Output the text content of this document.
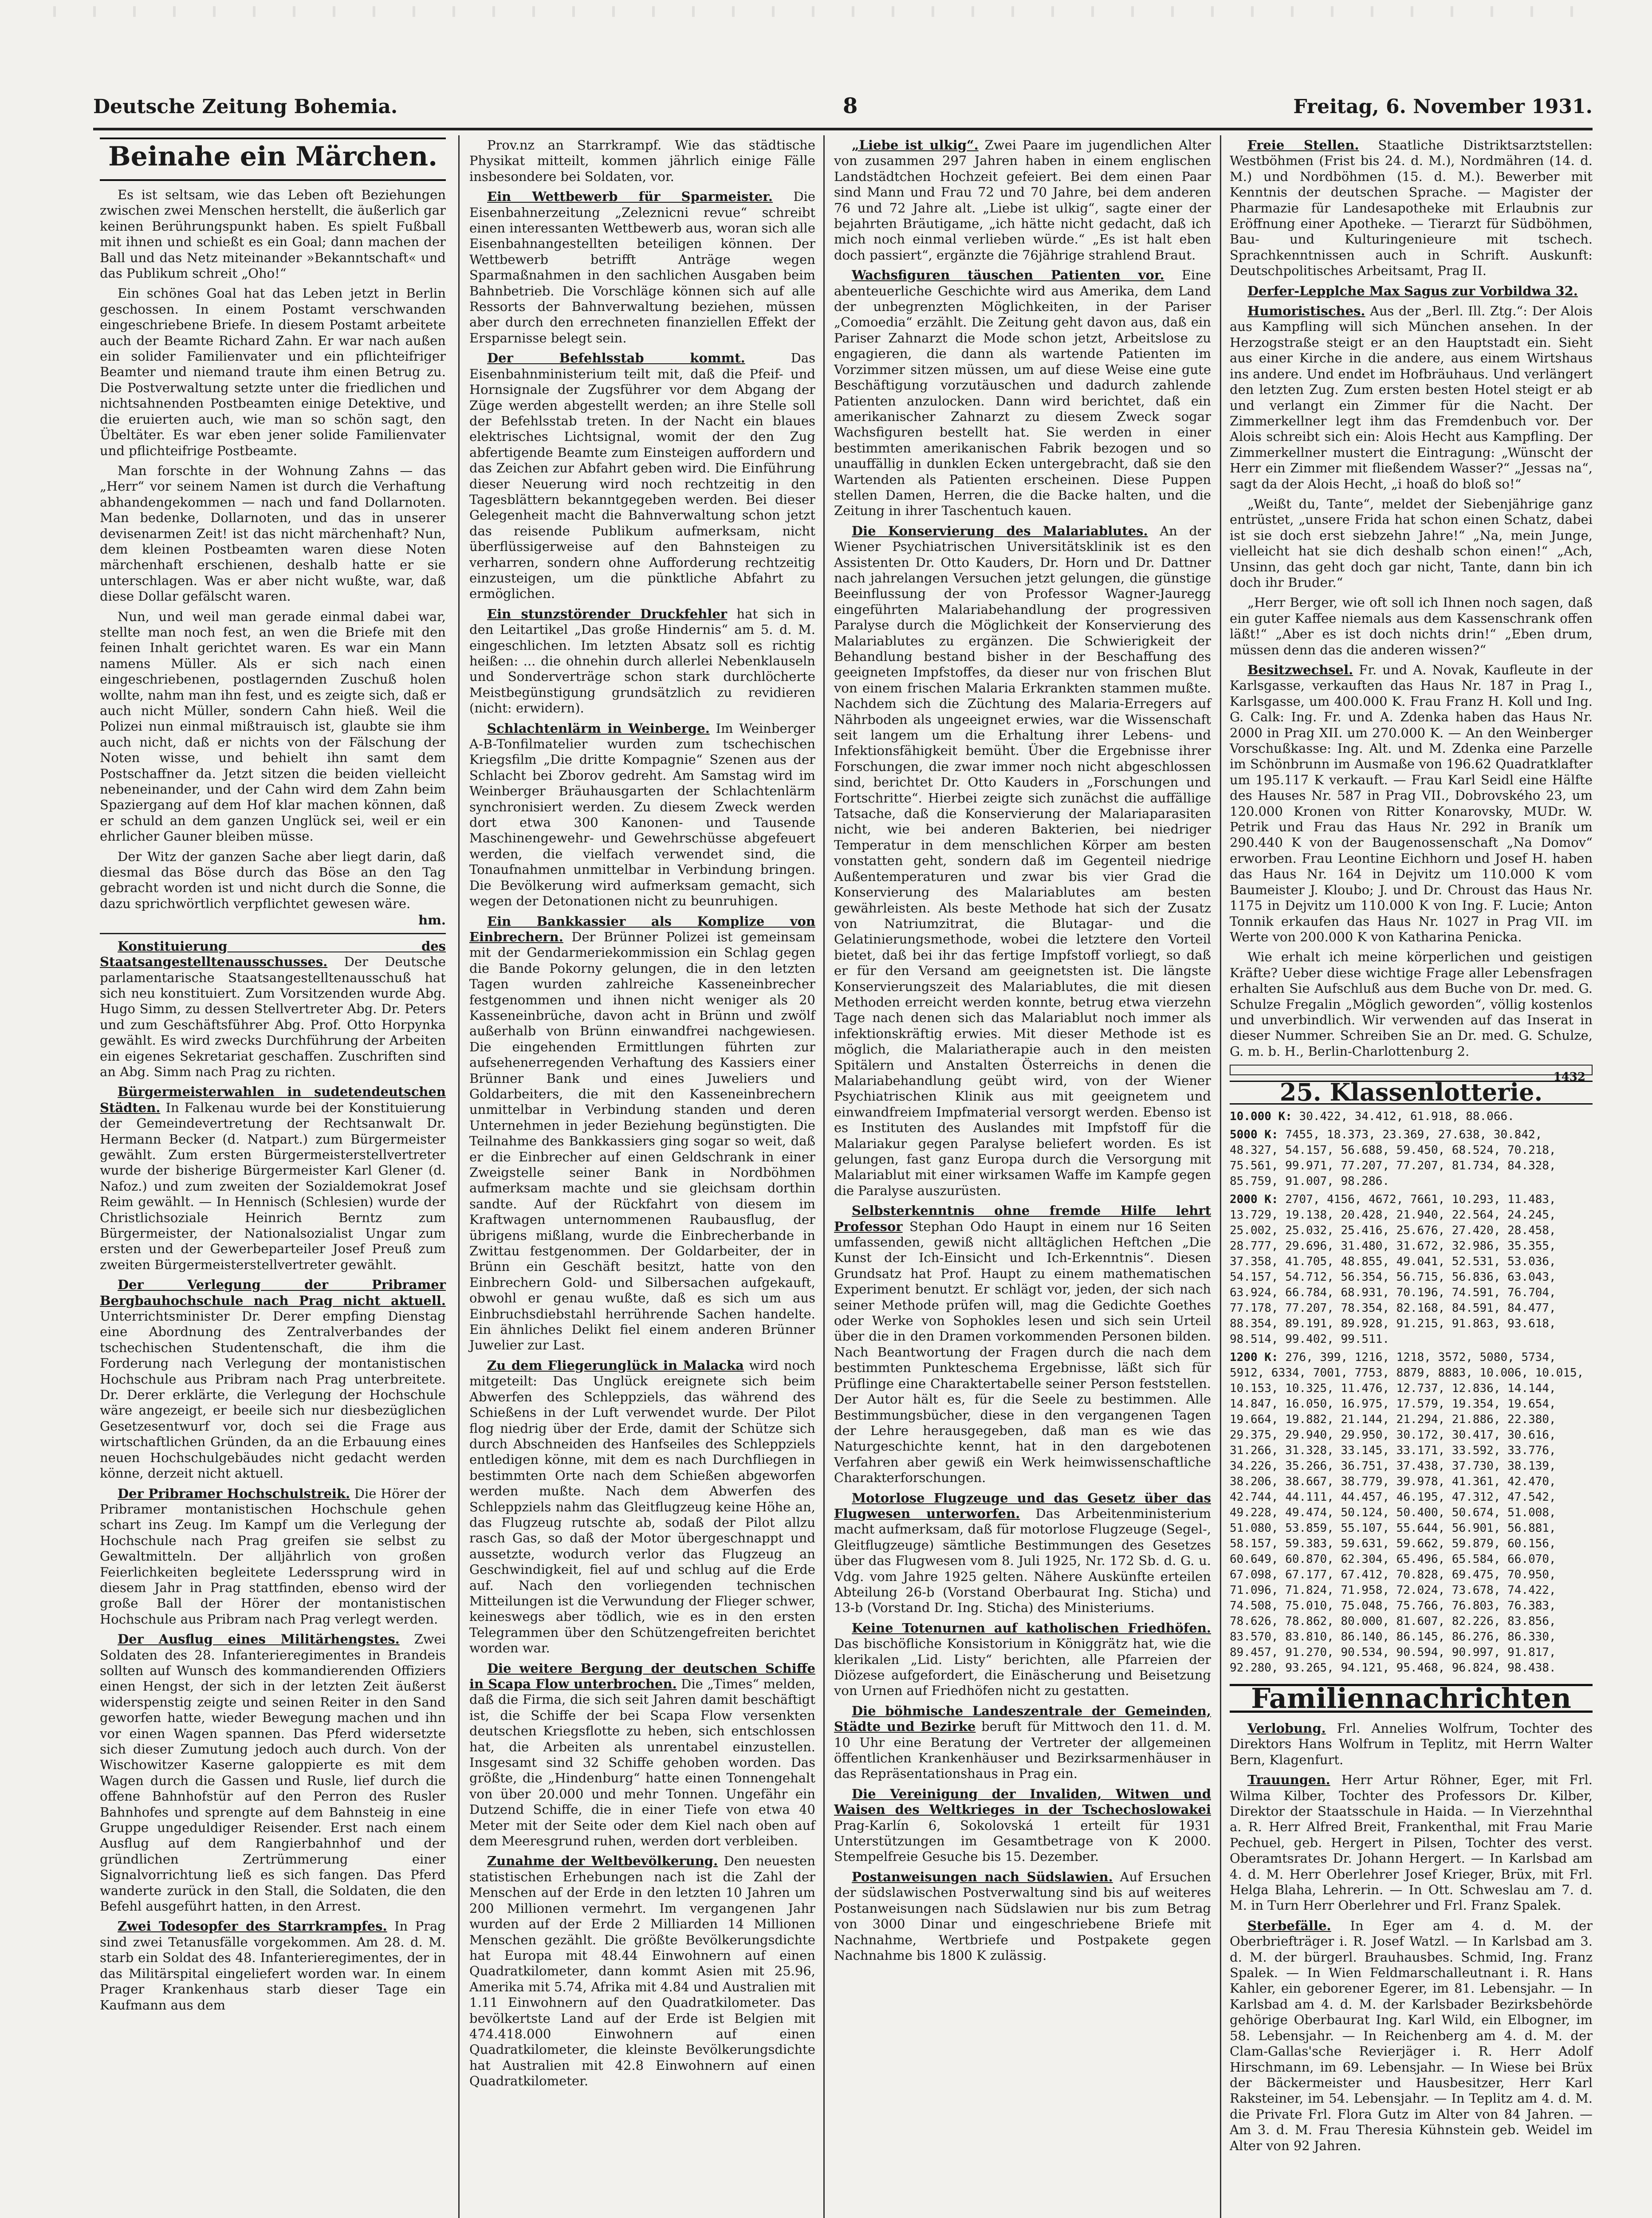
Deutsche Zeitung Bohemia.	8	Freitag, 6. November 1931.
Beinahe ein Märchen.

Es ist seltsam, wie das Leben oft Beziehungen zwischen zwei Menschen herstellt, die äußerlich gar keinen Berührungspunkt haben. Es spielt Fußball mit ihnen und schießt es ein Goal; dann machen der Ball und das Netz miteinander »Bekanntschaft« und das Publikum schreit „Oho!“

Ein schönes Goal hat das Leben jetzt in Berlin geschossen. In einem Postamt verschwanden eingeschriebene Briefe. In diesem Postamt arbeitete auch der Beamte Richard Zahn. Er war nach außen ein solider Familienvater und ein pflichteifriger Beamter und niemand traute ihm einen Betrug zu. Die Postverwaltung setzte unter die friedlichen und nichtsahnenden Postbeamten einige Detektive, und die eruierten auch, wie man so schön sagt, den Übeltäter. Es war eben jener solide Familienvater und pflichteifrige Postbeamte.

Man forschte in der Wohnung Zahns — das „Herr“ vor seinem Namen ist durch die Verhaftung abhandengekommen — nach und fand Dollarnoten. Man bedenke, Dollarnoten, und das in unserer devisenarmen Zeit! ist das nicht märchenhaft? Nun, dem kleinen Postbeamten waren diese Noten märchenhaft erschienen, deshalb hatte er sie unterschlagen. Was er aber nicht wußte, war, daß diese Dollar gefälscht waren.

Nun, und weil man gerade einmal dabei war, stellte man noch fest, an wen die Briefe mit den feinen Inhalt gerichtet waren. Es war ein Mann namens Müller. Als er sich nach einen eingeschriebenen, postlagernden Zuschuß holen wollte, nahm man ihn fest, und es zeigte sich, daß er auch nicht Müller, sondern Cahn hieß. Weil die Polizei nun einmal mißtrauisch ist, glaubte sie ihm auch nicht, daß er nichts von der Fälschung der Noten wisse, und behielt ihn samt dem Postschaffner da. Jetzt sitzen die beiden vielleicht nebeneinander, und der Cahn wird dem Zahn beim Spaziergang auf dem Hof klar machen können, daß er schuld an dem ganzen Unglück sei, weil er ein ehrlicher Gauner bleiben müsse.

Der Witz der ganzen Sache aber liegt darin, daß diesmal das Böse durch das Böse an den Tag gebracht worden ist und nicht durch die Sonne, die dazu sprichwörtlich verpflichtet gewesen wäre.

hm.

Konstituierung des Staatsangestelltenausschusses. Der Deutsche parlamentarische Staatsangestelltenausschuß hat sich neu konstituiert. Zum Vorsitzenden wurde Abg. Hugo Simm, zu dessen Stellvertreter Abg. Dr. Peters und zum Geschäftsführer Abg. Prof. Otto Horpynka gewählt. Es wird zwecks Durchführung der Arbeiten ein eigenes Sekretariat geschaffen. Zuschriften sind an Abg. Simm nach Prag zu richten.

Bürgermeisterwahlen in sudetendeutschen Städten. In Falkenau wurde bei der Konstituierung der Gemeindevertretung der Rechtsanwalt Dr. Hermann Becker (d. Natpart.) zum Bürgermeister gewählt. Zum ersten Bürgermeisterstellvertreter wurde der bisherige Bürgermeister Karl Glener (d. Nafoz.) und zum zweiten der Sozialdemokrat Josef Reim gewählt. — In Hennisch (Schlesien) wurde der Christlichsoziale Heinrich Berntz zum Bürgermeister, der Nationalsozialist Ungar zum ersten und der Gewerbeparteiler Josef Preuß zum zweiten Bürgermeisterstellvertreter gewählt.

Der Verlegung der Pribramer Bergbauhochschule nach Prag nicht aktuell. Unterrichtsminister Dr. Derer empfing Dienstag eine Abordnung des Zentralverbandes der tschechischen Studentenschaft, die ihm die Forderung nach Verlegung der montanistischen Hochschule aus Pribram nach Prag unterbreitete. Dr. Derer erklärte, die Verlegung der Hochschule wäre angezeigt, er beeile sich nur diesbezüglichen Gesetzesentwurf vor, doch sei die Frage aus wirtschaftlichen Gründen, da an die Erbauung eines neuen Hochschulgebäudes nicht gedacht werden könne, derzeit nicht aktuell.

Der Pribramer Hochschulstreik. Die Hörer der Pribramer montanistischen Hochschule gehen schart ins Zeug. Im Kampf um die Verlegung der Hochschule nach Prag greifen sie selbst zu Gewaltmitteln. Der alljährlich von großen Feierlichkeiten begleitete Lederssprung wird in diesem Jahr in Prag stattfinden, ebenso wird der große Ball der Hörer der montanistischen Hochschule aus Pribram nach Prag verlegt werden.

Der Ausflug eines Militärhengstes. Zwei Soldaten des 28. Infanterieregimentes in Brandeis sollten auf Wunsch des kommandierenden Offiziers einen Hengst, der sich in der letzten Zeit äußerst widerspenstig zeigte und seinen Reiter in den Sand geworfen hatte, wieder Bewegung machen und ihn vor einen Wagen spannen. Das Pferd widersetzte sich dieser Zumutung jedoch auch durch. Von der Wischowitzer Kaserne galoppierte es mit dem Wagen durch die Gassen und Rusle, lief durch die offene Bahnhofstür auf den Perron des Rusler Bahnhofes und sprengte auf dem Bahnsteig in eine Gruppe ungeduldiger Reisender. Erst nach einem Ausflug auf dem Rangierbahnhof und der gründlichen Zertrümmerung einer Signalvorrichtung ließ es sich fangen. Das Pferd wanderte zurück in den Stall, die Soldaten, die den Befehl ausgeführt hatten, in den Arrest.

Zwei Todesopfer des Starrkrampfes. In Prag sind zwei Tetanusfälle vorgekommen. Am 28. d. M. starb ein Soldat des 48. Infanterieregimentes, der in das Militärspital eingeliefert worden war. In einem Prager Krankenhaus starb dieser Tage ein Kaufmann aus dem

Prov.nz an Starrkrampf. Wie das städtische Physikat mitteilt, kommen jährlich einige Fälle insbesondere bei Soldaten, vor.

Ein Wettbewerb für Sparmeister. Die Eisenbahnerzeitung „Zeleznicni revue“ schreibt einen interessanten Wettbewerb aus, woran sich alle Eisenbahnangestellten beteiligen können. Der Wettbewerb betrifft Anträge wegen Sparmaßnahmen in den sachlichen Ausgaben beim Bahnbetrieb. Die Vorschläge können sich auf alle Ressorts der Bahnverwaltung beziehen, müssen aber durch den errechneten finanziellen Effekt der Ersparnisse belegt sein.

Der Befehlsstab kommt.	Das Eisenbahnministerium teilt mit, daß die Pfeif- und Hornsignale der Zugsführer vor dem Abgang der Züge werden abgestellt werden; an ihre Stelle soll der Befehlsstab treten. In der Nacht ein blaues elektrisches Lichtsignal, womit der den Zug abfertigende Beamte zum Einsteigen auffordern und das Zeichen zur Abfahrt geben wird. Die Einführung dieser Neuerung wird noch rechtzeitig in den Tagesblättern bekanntgegeben werden. Bei dieser Gelegenheit macht die Bahnverwaltung schon jetzt das reisende Publikum aufmerksam, nicht überflüssigerweise auf den Bahnsteigen zu verharren, sondern ohne Aufforderung rechtzeitig einzusteigen, um die pünktliche Abfahrt zu ermöglichen.

Ein stunzstörender Druckfehler hat sich in den Leitartikel „Das große Hindernis“ am 5. d. M. eingeschlichen. Im letzten Absatz soll es richtig heißen: ... die ohnehin durch allerlei Nebenklauseln und Sonderverträge schon stark durchlöcherte Meistbegünstigung grundsätzlich zu revidieren (nicht: erwidern).

Schlachtenlärm in Weinberge. Im Weinberger A-B-Tonfilmatelier wurden zum tschechischen Kriegsfilm „Die dritte Kompagnie“ Szenen aus der Schlacht bei Zborov gedreht. Am Samstag wird im Weinberger Bräuhausgarten der Schlachtenlärm synchronisiert werden. Zu diesem Zweck werden dort etwa 300 Kanonen- und Tausende Maschinengewehr- und Gewehrschüsse abgefeuert werden, die vielfach verwendet sind, die Tonaufnahmen unmittelbar in Verbindung bringen. Die Bevölkerung wird aufmerksam gemacht, sich wegen der Detonationen nicht zu beunruhigen.

Ein Bankkassier als Komplize von Einbrechern. Der Brünner Polizei ist gemeinsam mit der Gendarmeriekommission ein Schlag gegen die Bande Pokorny gelungen, die in den letzten Tagen wurden zahlreiche Kasseneinbrecher festgenommen und ihnen nicht weniger als 20 Kasseneinbrüche, davon acht in Brünn und zwölf außerhalb von Brünn einwandfrei nachgewiesen. Die eingehenden Ermittlungen führten zur aufsehenerregenden Verhaftung des Kassiers einer Brünner Bank und eines Juweliers und Goldarbeiters, die mit den Kasseneinbrechern unmittelbar in Verbindung standen und deren Unternehmen in jeder Beziehung begünstigten. Die Teilnahme des Bankkassiers ging sogar so weit, daß er die Einbrecher auf einen Geldschrank in einer Zweigstelle seiner Bank in Nordböhmen aufmerksam machte und sie gleichsam dorthin sandte. Auf der Rückfahrt von diesem im Kraftwagen unternommenen Raubausflug, der übrigens mißlang, wurde die Einbrecherbande in Zwittau festgenommen. Der Goldarbeiter, der in Brünn ein Geschäft besitzt, hatte von den Einbrechern Gold- und Silbersachen aufgekauft, obwohl er genau wußte, daß es sich um aus Einbruchsdiebstahl herrührende Sachen handelte. Ein ähnliches Delikt fiel einem anderen Brünner Juwelier zur Last.

Zu dem Fliegerunglück in Malacka wird noch mitgeteilt: Das Unglück ereignete sich beim Abwerfen des Schleppziels, das während des Schießens in der Luft verwendet wurde. Der Pilot flog niedrig über der Erde, damit der Schütze sich durch Abschneiden des Hanfseiles des Schleppziels entledigen könne, mit dem es nach Durchfliegen in bestimmten Orte nach dem Schießen abgeworfen werden mußte. Nach dem Abwerfen des Schleppziels nahm das Gleitflugzeug keine Höhe an, das Flugzeug rutschte ab, sodaß der Pilot allzu rasch Gas, so daß der Motor übergeschnappt und aussetzte, wodurch verlor das Flugzeug an Geschwindigkeit, fiel auf und schlug auf die Erde auf. Nach den vorliegenden technischen Mitteilungen ist die Verwundung der Flieger schwer, keineswegs aber tödlich, wie es in den ersten Telegrammen über den Schützengefreiten berichtet worden war.

Die weitere Bergung der deutschen Schiffe in Scapa Flow unterbrochen. Die „Times“ melden, daß die Firma, die sich seit Jahren damit beschäftigt ist, die Schiffe der bei Scapa Flow versenkten deutschen Kriegsflotte zu heben, sich entschlossen hat, die Arbeiten als unrentabel einzustellen. Insgesamt sind 32 Schiffe gehoben worden. Das größte, die „Hindenburg“ hatte einen Tonnengehalt von über 20.000 und mehr Tonnen. Ungefähr ein Dutzend Schiffe, die in einer Tiefe von etwa 40 Meter mit der Seite oder dem Kiel nach oben auf dem Meeresgrund ruhen, werden dort verbleiben.

Zunahme der Weltbevölkerung. Den neuesten statistischen Erhebungen nach ist die Zahl der Menschen auf der Erde in den letzten 10 Jahren um 200 Millionen vermehrt. Im vergangenen Jahr wurden auf der Erde 2 Milliarden 14 Millionen Menschen gezählt. Die größte Bevölkerungsdichte hat Europa mit 48.44 Einwohnern auf einen Quadratkilometer, dann kommt Asien mit 25.96, Amerika mit 5.74, Afrika mit 4.84 und Australien mit 1.11 Einwohnern auf den Quadratkilometer. Das bevölkertste Land auf der Erde ist Belgien mit 474.418.000 Einwohnern auf einen Quadratkilometer, die kleinste Bevölkerungsdichte hat Australien mit 42.8 Einwohnern auf einen Quadratkilometer.

„Liebe ist ulkig“. Zwei Paare im jugendlichen Alter von zusammen 297 Jahren haben in einem englischen Landstädtchen Hochzeit gefeiert. Bei dem einen Paar sind Mann und Frau 72 und 70 Jahre, bei dem anderen 76 und 72 Jahre alt. „Liebe ist ulkig“, sagte einer der bejahrten Bräutigame, „ich hätte nicht gedacht, daß ich mich noch einmal verlieben würde.“ „Es ist halt eben doch passiert“, ergänzte die 76jährige strahlend Braut.

Wachsfiguren täuschen Patienten vor. Eine abenteuerliche Geschichte wird aus Amerika, dem Land der unbegrenzten Möglichkeiten, in der Pariser „Comoedia“ erzählt. Die Zeitung geht davon aus, daß ein Pariser Zahnarzt die Mode schon jetzt, Arbeitslose zu engagieren, die dann als wartende Patienten im Vorzimmer sitzen müssen, um auf diese Weise eine gute Beschäftigung vorzutäuschen und dadurch zahlende Patienten anzulocken. Dann wird berichtet, daß ein amerikanischer Zahnarzt zu diesem Zweck sogar Wachsfiguren bestellt hat. Sie werden in einer bestimmten amerikanischen Fabrik bezogen und so unauffällig in dunklen Ecken untergebracht, daß sie den Wartenden als Patienten erscheinen. Diese Puppen stellen Damen, Herren, die die Backe halten, und die Zeitung in ihrer Taschentuch kauen.

Die Konservierung des Malariablutes. An der Wiener Psychiatrischen Universitätsklinik ist es den Assistenten Dr. Otto Kauders, Dr. Horn und Dr. Dattner nach jahrelangen Versuchen jetzt gelungen, die günstige Beeinflussung der von Professor Wagner-Jauregg eingeführten Malariabehandlung der progressiven Paralyse durch die Möglichkeit der Konservierung des Malariablutes zu ergänzen. Die Schwierigkeit der Behandlung bestand bisher in der Beschaffung des geeigneten Impfstoffes, da dieser nur von frischen Blut von einem frischen Malaria Erkrankten stammen mußte. Nachdem sich die Züchtung des Malaria-Erregers auf Nährboden als ungeeignet erwies, war die Wissenschaft seit langem um die Erhaltung ihrer Lebens- und Infektionsfähigkeit bemüht. Über die Ergebnisse ihrer Forschungen, die zwar immer noch nicht abgeschlossen sind, berichtet Dr. Otto Kauders in „Forschungen und Fortschritte“. Hierbei zeigte sich zunächst die auffällige Tatsache, daß die Konservierung der Malariaparasiten nicht, wie bei anderen Bakterien, bei niedriger Temperatur in dem menschlichen Körper am besten vonstatten geht, sondern daß im Gegenteil niedrige Außentemperaturen und zwar bis vier Grad die Konservierung des Malariablutes am besten gewährleisten. Als beste Methode hat sich der Zusatz von Natriumzitrat, die Blutagar- und die Gelatinierungsmethode, wobei die letztere den Vorteil bietet, daß bei ihr das fertige Impfstoff vorliegt, so daß er für den Versand am geeignetsten ist. Die längste Konservierungszeit des Malariablutes, die mit diesen Methoden erreicht werden konnte, betrug etwa vierzehn Tage nach denen sich das Malariablut noch immer als infektionskräftig erwies. Mit dieser Methode ist es möglich, die Malariatherapie auch in den meisten Spitälern und Anstalten Österreichs in denen die Malariabehandlung geübt wird, von der Wiener Psychiatrischen Klinik aus mit geeignetem und einwandfreiem Impfmaterial versorgt werden. Ebenso ist es Instituten des Auslandes mit Impfstoff für die Malariakur gegen Paralyse beliefert worden. Es ist gelungen, fast ganz Europa durch die Versorgung mit Malariablut mit einer wirksamen Waffe im Kampfe gegen die Paralyse auszurüsten.

Selbsterkenntnis ohne fremde Hilfe lehrt Professor Stephan Odo Haupt in einem nur 16 Seiten umfassenden, gewiß nicht alltäglichen Heftchen „Die Kunst der Ich-Einsicht und Ich-Erkenntnis“. Diesen Grundsatz hat Prof. Haupt zu einem mathematischen Experiment benutzt. Er schlägt vor, jeden, der sich nach seiner Methode prüfen will, mag die Gedichte Goethes oder Werke von Sophokles lesen und sich sein Urteil über die in den Dramen vorkommenden Personen bilden. Nach Beantwortung der Fragen durch die nach dem bestimmten Punkteschema Ergebnisse, läßt sich für Prüflinge eine Charaktertabelle seiner Person feststellen. Der Autor hält es, für die Seele zu bestimmen. Alle Bestimmungsbücher, diese in den vergangenen Tagen der Lehre herausgegeben, daß man es wie das Naturgeschichte kennt, hat in den dargebotenen Verfahren aber gewiß ein Werk heimwissenschaftliche Charakterforschungen.

Motorlose Flugzeuge und das Gesetz über das Flugwesen unterworfen. Das Arbeitenministerium macht aufmerksam, daß für motorlose Flugzeuge (Segel-, Gleitflugzeuge) sämtliche Bestimmungen des Gesetzes über das Flugwesen vom 8. Juli 1925, Nr. 172 Sb. d. G. u. Vdg. vom Jahre 1925 gelten. Nähere Auskünfte erteilen Abteilung 26-b (Vorstand Oberbaurat Ing. Sticha) und 13-b (Vorstand Dr. Ing. Sticha) des Ministeriums.

Keine Totenurnen auf katholischen Friedhöfen. Das bischöfliche Konsistorium in Königgrätz hat, wie die klerikalen „Lid. Listy“ berichten, alle Pfarreien der Diözese aufgefordert, die Einäscherung und Beisetzung von Urnen auf Friedhöfen nicht zu gestatten.

Die böhmische Landeszentrale der Gemeinden, Städte und Bezirke beruft für Mittwoch den 11. d. M. 10 Uhr eine Beratung der Vertreter der allgemeinen öffentlichen Krankenhäuser und Bezirksarmenhäuser in das Repräsentationshaus in Prag ein.

Die Vereinigung der Invaliden, Witwen und Waisen des Weltkrieges in der Tschechoslowakei Prag-Karlín 6, Sokolovská 1 erteilt für 1931 Unterstützungen im Gesamtbetrage von K 2000. Stempelfreie Gesuche bis 15. Dezember.

Postanweisungen nach Südslawien. Auf Ersuchen der südslawischen Postverwaltung sind bis auf weiteres Postanweisungen nach Südslawien nur bis zum Betrag von 3000 Dinar und eingeschriebene Briefe mit Nachnahme, Wertbriefe und Postpakete gegen Nachnahme bis 1800 K zulässig.

Freie Stellen. Staatliche Distriktsarztstellen: Westböhmen (Frist bis 24. d. M.), Nordmähren (14. d. M.) und Nordböhmen (15. d. M.). Bewerber mit Kenntnis der deutschen Sprache. — Magister der Pharmazie für Landesapotheke mit Erlaubnis zur Eröffnung einer Apotheke. — Tierarzt für Südböhmen, Bau- und Kulturingenieure mit tschech. Sprachkenntnissen auch in Schrift. Auskunft: Deutschpolitisches Arbeitsamt, Prag II.

Derfer-Lepplche Max Sagus zur Vorbildwa 32.

Humoristisches. Aus der „Berl. Ill. Ztg.“: Der Alois aus Kampfling will sich München ansehen. In der Herzogstraße steigt er an den Hauptstadt ein. Sieht aus einer Kirche in die andere, aus einem Wirtshaus ins andere. Und endet im Hofbräuhaus. Und verlängert den letzten Zug. Zum ersten besten Hotel steigt er ab und verlangt ein Zimmer für die Nacht. Der Zimmerkellner legt ihm das Fremdenbuch vor. Der Alois schreibt sich ein: Alois Hecht aus Kampfling. Der Zimmerkellner mustert die Eintragung: „Wünscht der Herr ein Zimmer mit fließendem Wasser?“ „Jessas na“, sagt da der Alois Hecht, „i hoaß do bloß so!“

„Weißt du, Tante“, meldet der Siebenjährige ganz entrüstet, „unsere Frida hat schon einen Schatz, dabei ist sie doch erst siebzehn Jahre!“ „Na, mein Junge, vielleicht hat sie dich deshalb schon einen!“ „Ach, Unsinn, das geht doch gar nicht, Tante, dann bin ich doch ihr Bruder.“

„Herr Berger, wie oft soll ich Ihnen noch sagen, daß ein guter Kaffee niemals aus dem Kassenschrank offen läßt!“ „Aber es ist doch nichts drin!“ „Eben drum, müssen denn das die anderen wissen?“

Besitzwechsel. Fr. und A. Novak, Kaufleute in der Karlsgasse, verkauften das Haus Nr. 187 in Prag I., Karlsgasse, um 400.000 K. Frau Franz H. Koll und Ing. G. Calk: Ing. Fr. und A. Zdenka haben das Haus Nr. 2000 in Prag XII. um 270.000 K. — An den Weinberger Vorschußkasse: Ing. Alt. und M. Zdenka eine Parzelle im Schönbrunn im Ausmaße von 196.62 Quadratklafter um 195.117 K verkauft. — Frau Karl Seidl eine Hälfte des Hauses Nr. 587 in Prag VII., Dobrovského 23, um 120.000 Kronen von Ritter Konarovsky, MUDr. W. Petrik und Frau das Haus Nr. 292 in Braník um 290.440 K von der Baugenossenschaft „Na Domov“ erworben. Frau Leontine Eichhorn und Josef H. haben das Haus Nr. 164 in Dejvitz um 110.000 K vom Baumeister J. Kloubo; J. und Dr. Chroust das Haus Nr. 1175 in Dejvitz um 110.000 K von Ing. F. Lucie; Anton Tonnik erkaufen das Haus Nr. 1027 in Prag VII. im Werte von 200.000 K von Katharina Penicka.

Wie erhalt ich meine körperlichen und geistigen Kräfte? Ueber diese wichtige Frage aller Lebensfragen erhalten Sie Aufschluß aus dem Buche von Dr. med. G. Schulze Fregalin „Möglich geworden“, völlig kostenlos und unverbindlich. Wir verwenden auf das Inserat in dieser Nummer. Schreiben Sie an Dr. med. G. Schulze, G. m. b. H., Berlin-Charlottenburg 2.

1432
25. Klassenlotterie.
10.000 K: 30.422, 34.412, 61.918, 88.066.
5000 K: 7455, 18.373, 23.369, 27.638, 30.842, 48.327, 54.157, 56.688, 59.450, 68.524, 70.218, 75.561, 99.971, 77.207, 77.207, 81.734, 84.328, 85.759, 91.007, 98.286.
2000 K: 2707, 4156, 4672, 7661, 10.293, 11.483, 13.729, 19.138, 20.428, 21.940, 22.564, 24.245, 25.002, 25.032, 25.416, 25.676, 27.420, 28.458, 28.777, 29.696, 31.480, 31.672, 32.986, 35.355, 37.358, 41.705, 48.855, 49.041, 52.531, 53.036, 54.157, 54.712, 56.354, 56.715, 56.836, 63.043, 63.924, 66.784, 68.931, 70.196, 74.591, 76.704, 77.178, 77.207, 78.354, 82.168, 84.591, 84.477, 88.354, 89.191, 89.928, 91.215, 91.863, 93.618, 98.514, 99.402, 99.511.
1200 K: 276, 399, 1216, 1218, 3572, 5080, 5734, 5912, 6334, 7001, 7753, 8879, 8883, 10.006, 10.015, 10.153, 10.325, 11.476, 12.737, 12.836, 14.144, 14.847, 16.050, 16.975, 17.579, 19.354, 19.654, 19.664, 19.882, 21.144, 21.294, 21.886, 22.380, 29.375, 29.940, 29.950, 30.172, 30.417, 30.616, 31.266, 31.328, 33.145, 33.171, 33.592, 33.776, 34.226, 35.266, 36.751, 37.438, 37.730, 38.139, 38.206, 38.667, 38.779, 39.978, 41.361, 42.470, 42.744, 44.111, 44.457, 46.195, 47.312, 47.542, 49.228, 49.474, 50.124, 50.400, 50.674, 51.008, 51.080, 53.859, 55.107, 55.644, 56.901, 56.881, 58.157, 59.383, 59.631, 59.662, 59.879, 60.156, 60.649, 60.870, 62.304, 65.496, 65.584, 66.070, 67.098, 67.177, 67.412, 70.828, 69.475, 70.950, 71.096, 71.824, 71.958, 72.024, 73.678, 74.422, 74.508, 75.010, 75.048, 75.766, 76.803, 76.383, 78.626, 78.862, 80.000, 81.607, 82.226, 83.856, 83.570, 83.810, 86.140, 86.145, 86.276, 86.330, 89.457, 91.270, 90.534, 90.594, 90.997, 91.817, 92.280, 93.265, 94.121, 95.468, 96.824, 98.438.
Familiennachrichten

Verlobung. Frl. Annelies Wolfrum, Tochter des Direktors Hans Wolfrum in Teplitz, mit Herrn Walter Bern, Klagenfurt.

Trauungen. Herr Artur Röhner, Eger, mit Frl. Wilma Kilber, Tochter des Professors Dr. Kilber, Direktor der Staatsschule in Haida. — In Vierzehnthal a. R. Herr Alfred Breit, Frankenthal, mit Frau Marie Pechuel, geb. Hergert in Pilsen, Tochter des verst. Oberamtsrates Dr. Johann Hergert. — In Karlsbad am 4. d. M. Herr Oberlehrer Josef Krieger, Brüx, mit Frl. Helga Blaha, Lehrerin. — In Ott. Schweslau am 7. d. M. in Turn Herr Oberlehrer und Frl. Franz Spalek.

Sterbefälle. In Eger am 4. d. M. der Oberbriefträger i. R. Josef Watzl. — In Karlsbad am 3. d. M. der bürgerl. Brauhausbes. Schmid, Ing. Franz Spalek. — In Wien Feldmarschalleutnant i. R. Hans Kahler, ein geborener Egerer, im 81. Lebensjahr. — In Karlsbad am 4. d. M. der Karlsbader Bezirksbehörde gehörige Oberbaurat Ing. Karl Wild, ein Elbogner, im 58. Lebensjahr. — In Reichenberg am 4. d. M. der Clam-Gallas'sche Revierjäger i. R. Herr Adolf Hirschmann, im 69. Lebensjahr. — In Wiese bei Brüx der Bäckermeister und Hausbesitzer, Herr Karl Raksteiner, im 54. Lebensjahr. — In Teplitz am 4. d. M. die Private Frl. Flora Gutz im Alter von 84 Jahren. — Am 3. d. M. Frau Theresia Kühnstein geb. Weidel im Alter von 92 Jahren.
